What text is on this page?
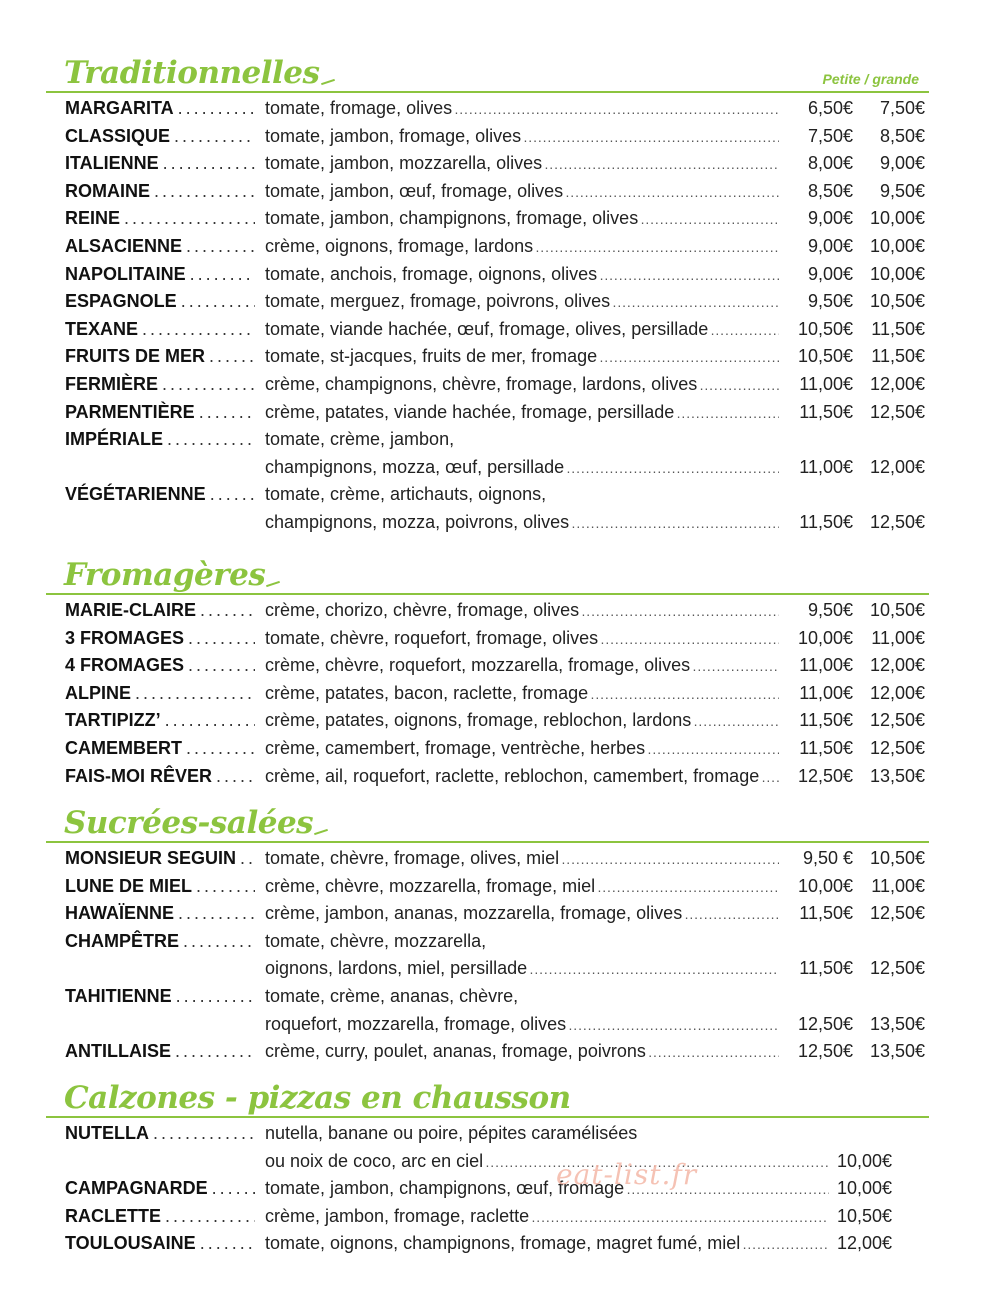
Traditionnelles	Petite / grande
MARGARITA . . .	tomate, fromage, olives . . .	6,50€ 7,50€
CLASSIQUE . . .	tomate, jambon, fromage, olives . . .	7,50€ 8,50€
ITALIENNE . . .	tomate, jambon, mozzarella, olives . . .	8,00€ 9,00€
ROMAINE . . .	tomate, jambon, œuf, fromage, olives . . .	8,50€ 9,50€
REINE . . .	tomate, jambon, champignons, fromage, olives . . .	9,00€ 10,00€
ALSACIENNE . . .	crème, oignons, fromage, lardons . . .	9,00€ 10,00€
NAPOLITAINE . . .	tomate, anchois, fromage, oignons, olives . . .	9,00€ 10,00€
ESPAGNOLE . . .	tomate, merguez, fromage, poivrons, olives . . .	9,50€ 10,50€
TEXANE . . .	tomate, viande hachée, œuf, fromage, olives, persillade . . .	10,50€ 11,50€
FRUITS DE MER . . .	tomate, st-jacques, fruits de mer, fromage . . .	10,50€ 11,50€
FERMIÈRE . . .	crème, champignons, chèvre, fromage, lardons, olives . . .	11,00€ 12,00€
PARMENTIÈRE . . .	crème, patates, viande hachée, fromage, persillade . . .	11,50€ 12,50€
IMPÉRIALE . . .	tomate, crème, jambon,
champignons, mozza, œuf, persillade . . .	11,00€ 12,00€
VÉGÉTARIENNE . . .	tomate, crème, artichauts, oignons,
champignons, mozza, poivrons, olives . . .	11,50€ 12,50€
Fromagères
MARIE-CLAIRE . . .	crème, chorizo, chèvre, fromage, olives . . .	9,50€ 10,50€
3 FROMAGES . . .	tomate, chèvre, roquefort, fromage, olives . . .	10,00€ 11,00€
4 FROMAGES . . .	crème, chèvre, roquefort, mozzarella, fromage, olives . . .	11,00€ 12,00€
ALPINE . . .	crème, patates, bacon, raclette, fromage . . .	11,00€ 12,00€
TARTIPIZZ’ . . .	crème, patates, oignons, fromage, reblochon, lardons . . .	11,50€ 12,50€
CAMEMBERT . . .	crème, camembert, fromage, ventrèche, herbes . . .	11,50€ 12,50€
FAIS-MOI RÊVER . . .	crème, ail, roquefort, raclette, reblochon, camembert, fromage . . .	12,50€ 13,50€
Sucrées-salées
MONSIEUR SEGUIN . . .	tomate, chèvre, fromage, olives, miel . . .	9,50 € 10,50€
LUNE DE MIEL . . .	crème, chèvre, mozzarella, fromage, miel . . .	10,00€ 11,00€
HAWAÏENNE . . .	crème, jambon, ananas, mozzarella, fromage, olives . . .	11,50€ 12,50€
CHAMPÊTRE . . .	tomate, chèvre, mozzarella,
oignons, lardons, miel, persillade . . .	11,50€ 12,50€
TAHITIENNE . . .	tomate, crème, ananas, chèvre,
roquefort, mozzarella, fromage, olives . . .	12,50€ 13,50€
ANTILLAISE . . .	crème, curry, poulet, ananas, fromage, poivrons . . .	12,50€ 13,50€
Calzones - pizzas en chausson
NUTELLA . . .	nutella, banane ou poire, pépites caramélisées
ou noix de coco, arc en ciel . . .	10,00€
CAMPAGNARDE . . .	tomate, jambon, champignons, œuf, fromage . . .	10,00€
RACLETTE . . .	crème, jambon, fromage, raclette . . .	10,50€
TOULOUSAINE . . .	tomate, oignons, champignons, fromage, magret fumé, miel . . .	12,00€
eat-list.fr
